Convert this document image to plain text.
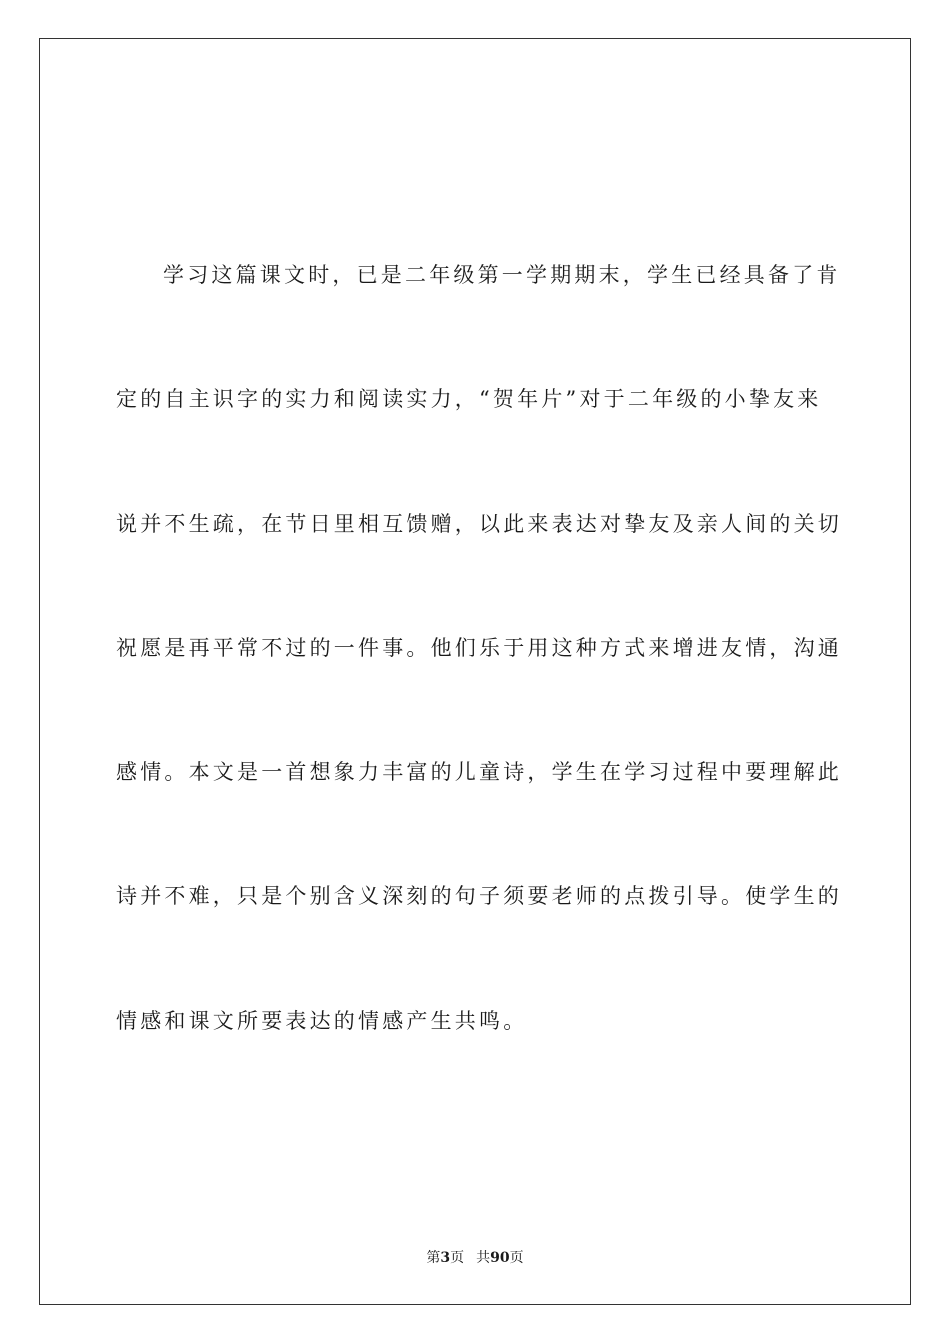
学习这篇课文时，已是二年级第一学期期末，学生已经具备了肯
定的自主识字的实力和阅读实力，“贺年片”对于二年级的小挚友来
说并不生疏，在节日里相互馈赠，以此来表达对挚友及亲人间的关切
祝愿是再平常不过的一件事。他们乐于用这种方式来增进友情，沟通
感情。本文是一首想象力丰富的儿童诗，学生在学习过程中要理解此
诗并不难，只是个别含义深刻的句子须要老师的点拨引导。使学生的
情感和课文所要表达的情感产生共鸣。
第3页 共90页
